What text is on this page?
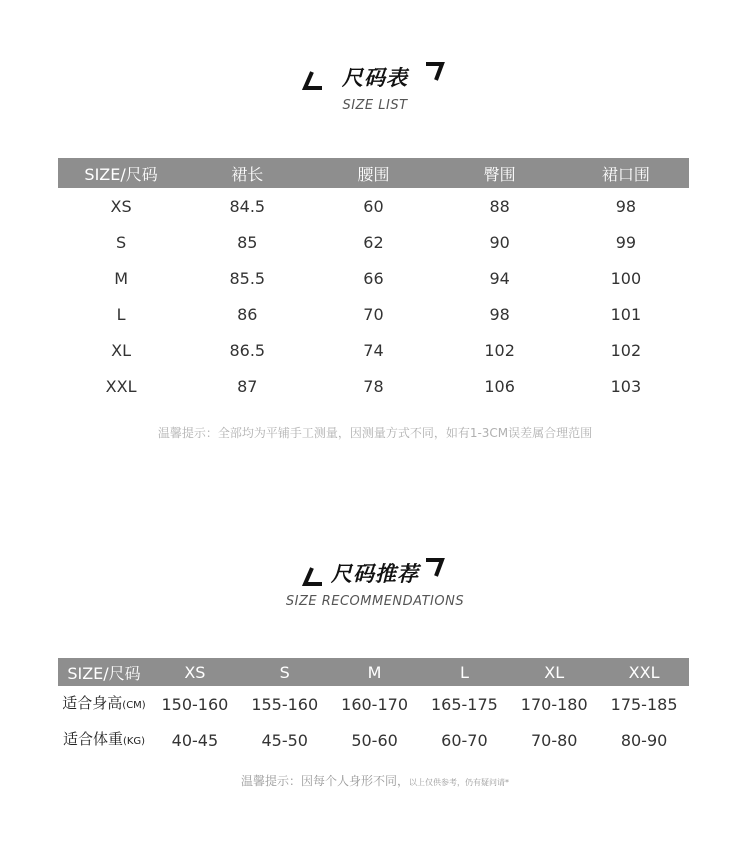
尺码表
SIZE LIST
SIZE/尺码	裙长	腰围	臀围	裙口围
XS	84.5	60	88	98
S	85	62	90	99
M	85.5	66	94	100
L	86	70	98	101
XL	86.5	74	102	102
XXL	87	78	106	103
温馨提示：全部均为平铺手工测量，因测量方式不同，如有1-3CM误差属合理范围
尺码推荐
SIZE RECOMMENDATIONS
SIZE/尺码	XS	S	M	L	XL	XXL
适合身高(CM)	150-160	155-160	160-170	165-175	170-180	175-185
适合体重(KG)	40-45	45-50	50-60	60-70	70-80	80-90
温馨提示：因每个人身形不同，以上仅供参考，仍有疑问请*
